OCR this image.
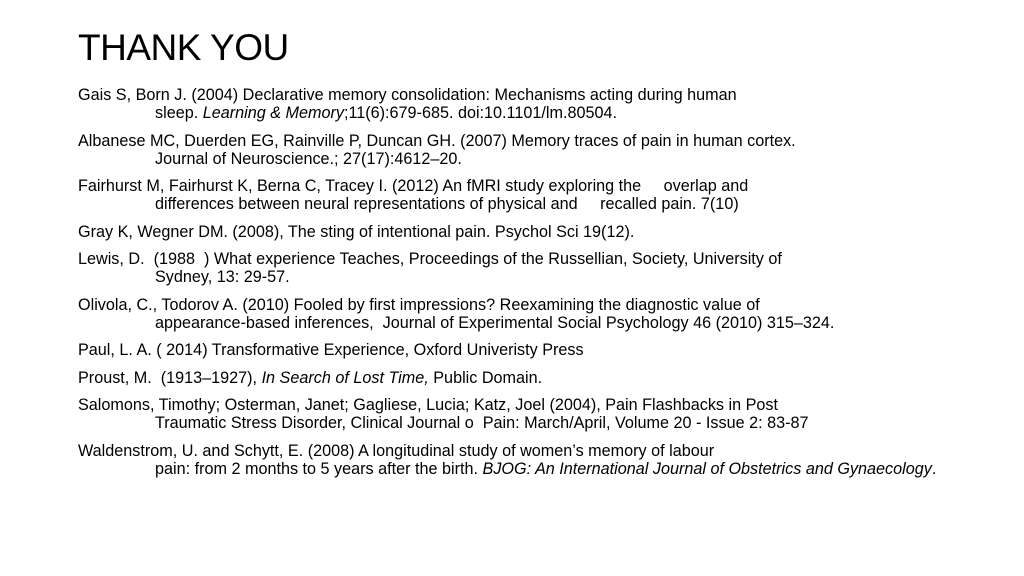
THANK YOU

Gais S, Born J. (2004) Declarative memory consolidation: Mechanisms acting during human
sleep. Learning & Memory;11(6):679-685. doi:10.1101/lm.80504.

Albanese MC, Duerden EG, Rainville P, Duncan GH. (2007) Memory traces of pain in human cortex.
Journal of Neuroscience.; 27(17):4612–20.

Fairhurst M, Fairhurst K, Berna C, Tracey I. (2012) An fMRI study exploring the     overlap and
differences between neural representations of physical and     recalled pain. 7(10)

Gray K, Wegner DM. (2008), The sting of intentional pain. Psychol Sci 19(12).

Lewis, D.  (1988  ) What experience Teaches, Proceedings of the Russellian, Society, University of
Sydney, 13: 29-57.

Olivola, C., Todorov A. (2010) Fooled by first impressions? Reexamining the diagnostic value of
appearance-based inferences,  Journal of Experimental Social Psychology 46 (2010) 315–324.

Paul, L. A. ( 2014) Transformative Experience, Oxford Univeristy Press

Proust, M.  (1913–1927), In Search of Lost Time, Public Domain.

Salomons, Timothy; Osterman, Janet; Gagliese, Lucia; Katz, Joel (2004), Pain Flashbacks in Post
Traumatic Stress Disorder, Clinical Journal o  Pain: March/April, Volume 20 - Issue 2: 83-87

Waldenstrom, U. and Schytt, E. (2008) A longitudinal study of women’s memory of labour
pain: from 2 months to 5 years after the birth. BJOG: An International Journal of Obstetrics and Gynaecology.
